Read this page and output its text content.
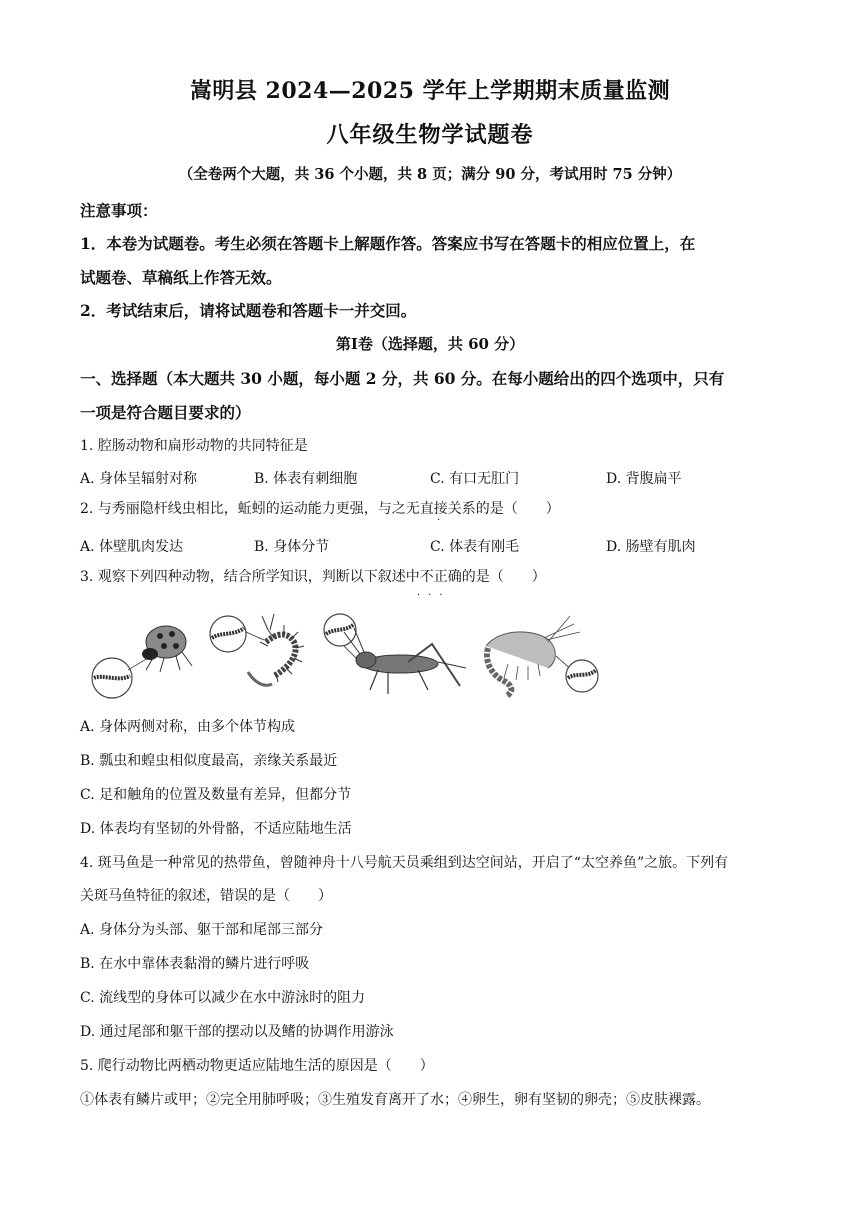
嵩明县 2024—2025 学年上学期期末质量监测
八年级生物学试题卷
（全卷两个大题，共 36 个小题，共 8 页；满分 90 分，考试用时 75 分钟）
注意事项：
1．本卷为试题卷。考生必须在答题卡上解题作答。答案应书写在答题卡的相应位置上，在
试题卷、草稿纸上作答无效。
2．考试结束后，请将试题卷和答题卡一并交回。
第Ⅰ卷（选择题，共 60 分）
一、选择题（本大题共 30 小题，每小题 2 分，共 60 分。在每小题给出的四个选项中，只有
一项是符合题目要求的）
1. 腔肠动物和扁形动物的共同特征是
A. 身体呈辐射对称	B. 体表有刺细胞	C. 有口无肛门	D. 背腹扁平
2. 与秀丽隐杆线虫相比，蚯蚓的运动能力更强，与之无直接关系的是（　　）
·
A. 体壁肌肉发达	B. 身体分节	C. 体表有刚毛	D. 肠壁有肌肉
3. 观察下列四种动物，结合所学知识，判断以下叙述中不正确的是（　　）
···
A. 身体两侧对称，由多个体节构成
B. 瓢虫和蝗虫相似度最高，亲缘关系最近
C. 足和触角的位置及数量有差异，但都分节
D. 体表均有坚韧的外骨骼，不适应陆地生活
4. 斑马鱼是一种常见的热带鱼，曾随神舟十八号航天员乘组到达空间站，开启了“太空养鱼”之旅。下列有
关斑马鱼特征的叙述，错误的是（　　）
A. 身体分为头部、躯干部和尾部三部分
B. 在水中靠体表黏滑的鳞片进行呼吸
C. 流线型的身体可以减少在水中游泳时的阻力
D. 通过尾部和躯干部的摆动以及鳍的协调作用游泳
5. 爬行动物比两栖动物更适应陆地生活的原因是（　　）
①体表有鳞片或甲；②完全用肺呼吸；③生殖发育离开了水；④卵生，卵有坚韧的卵壳；⑤皮肤裸露。
